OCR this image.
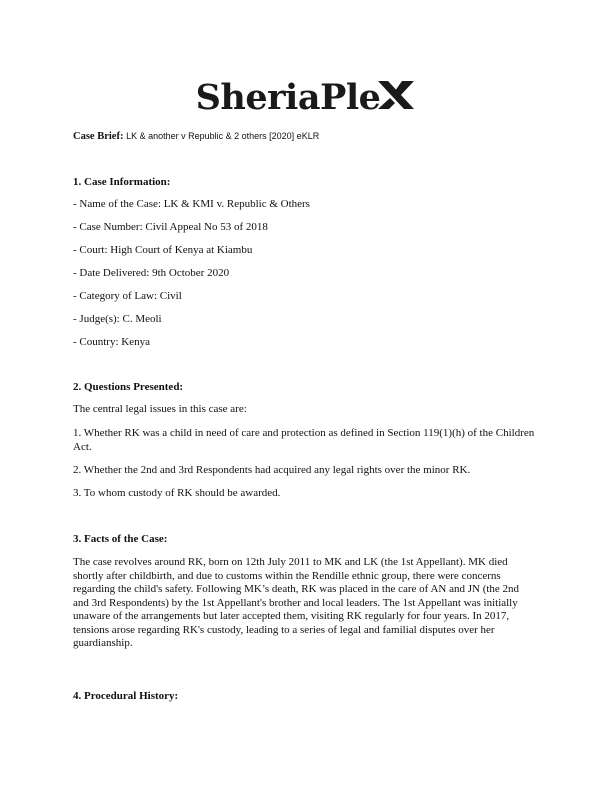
SheriaPle
Case Brief: LK & another v Republic & 2 others [2020] eKLR
1. Case Information:
- Name of the Case: LK & KMI v. Republic & Others
- Case Number: Civil Appeal No 53 of 2018
- Court: High Court of Kenya at Kiambu
- Date Delivered: 9th October 2020
- Category of Law: Civil
- Judge(s): C. Meoli
- Country: Kenya
2. Questions Presented:
The central legal issues in this case are:
1. Whether RK was a child in need of care and protection as defined in Section 119(1)(h) of the Children Act.
2. Whether the 2nd and 3rd Respondents had acquired any legal rights over the minor RK.
3. To whom custody of RK should be awarded.
3. Facts of the Case:
The case revolves around RK, born on 12th July 2011 to MK and LK (the 1st Appellant). MK died shortly after childbirth, and due to customs within the Rendille ethnic group, there were concerns regarding the child's safety. Following MK’s death, RK was placed in the care of AN and JN (the 2nd and 3rd Respondents) by the 1st Appellant's brother and local leaders. The 1st Appellant was initially unaware of the arrangements but later accepted them, visiting RK regularly for four years. In 2017, tensions arose regarding RK's custody, leading to a series of legal and familial disputes over her guardianship.
4. Procedural History:
